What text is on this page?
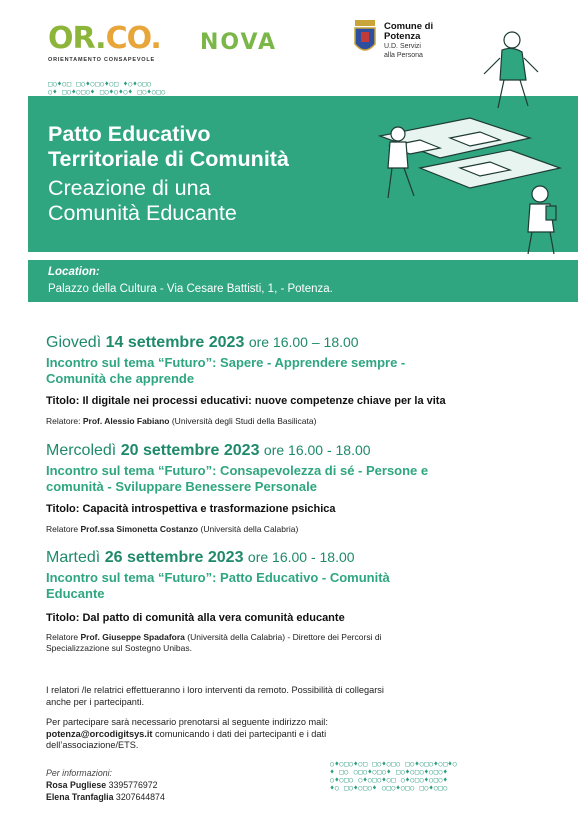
OR.CO.
ORIENTAMENTO CONSAPEVOLE
NOVA
Comune di
Potenza
U.D. Servizi
alla Persona
□○♦○□ □○♦○□○♦○□ ♦○♦○□○
○♦ □○♦○□○♦ □○♦○♦○♦ □○♦○□○
Patto Educativo
Territoriale di Comunità
Creazione di una
Comunità Educante
Location:
Palazzo della Cultura - Via Cesare Battisti, 1, - Potenza.
Giovedì 14 settembre 2023 ore 16.00 – 18.00
Incontro sul tema “Futuro”: Sapere - Apprendere sempre -
Comunità che apprende
Titolo: Il digitale nei processi educativi: nuove competenze chiave per la vita
Relatore: Prof. Alessio Fabiano (Università degli Studi della Basilicata)
Mercoledì 20 settembre 2023 ore 16.00 - 18.00
Incontro sul tema “Futuro”: Consapevolezza di sé - Persone e
comunità - Sviluppare Benessere Personale
Titolo: Capacità introspettiva e trasformazione psichica
Relatore Prof.ssa Simonetta Costanzo (Università della Calabria)
Martedì 26 settembre 2023 ore 16.00 - 18.00
Incontro sul tema “Futuro”: Patto Educativo - Comunità
Educante
Titolo: Dal patto di comunità alla vera comunità educante
Relatore Prof. Giuseppe Spadafora (Università della Calabria) - Direttore dei Percorsi di
Specializzazione sul Sostegno Unibas.
I relatori /le relatrici effettueranno i loro interventi da remoto. Possibilità di collegarsi
anche per i partecipanti.
Per partecipare sarà necessario prenotarsi al seguente indirizzo mail:
potenza@orcodigitsys.it comunicando i dati dei partecipanti e i dati
dell’associazione/ETS.
Per informazioni:
Rosa Pugliese 3395776972
Elena Tranfaglia 3207644874
○♦○□○♦○□ □○♦○□○ □○♦○□○♦○□♦○
♦ □○ ○□○♦○□○♦ □○♦○□○♦○□○♦
○♦○□○ ○♦○□○♦○□ ○♦○□○♦○□○♦
♦○ □○♦○□○♦ ○□○♦○□○ □○♦○□○
